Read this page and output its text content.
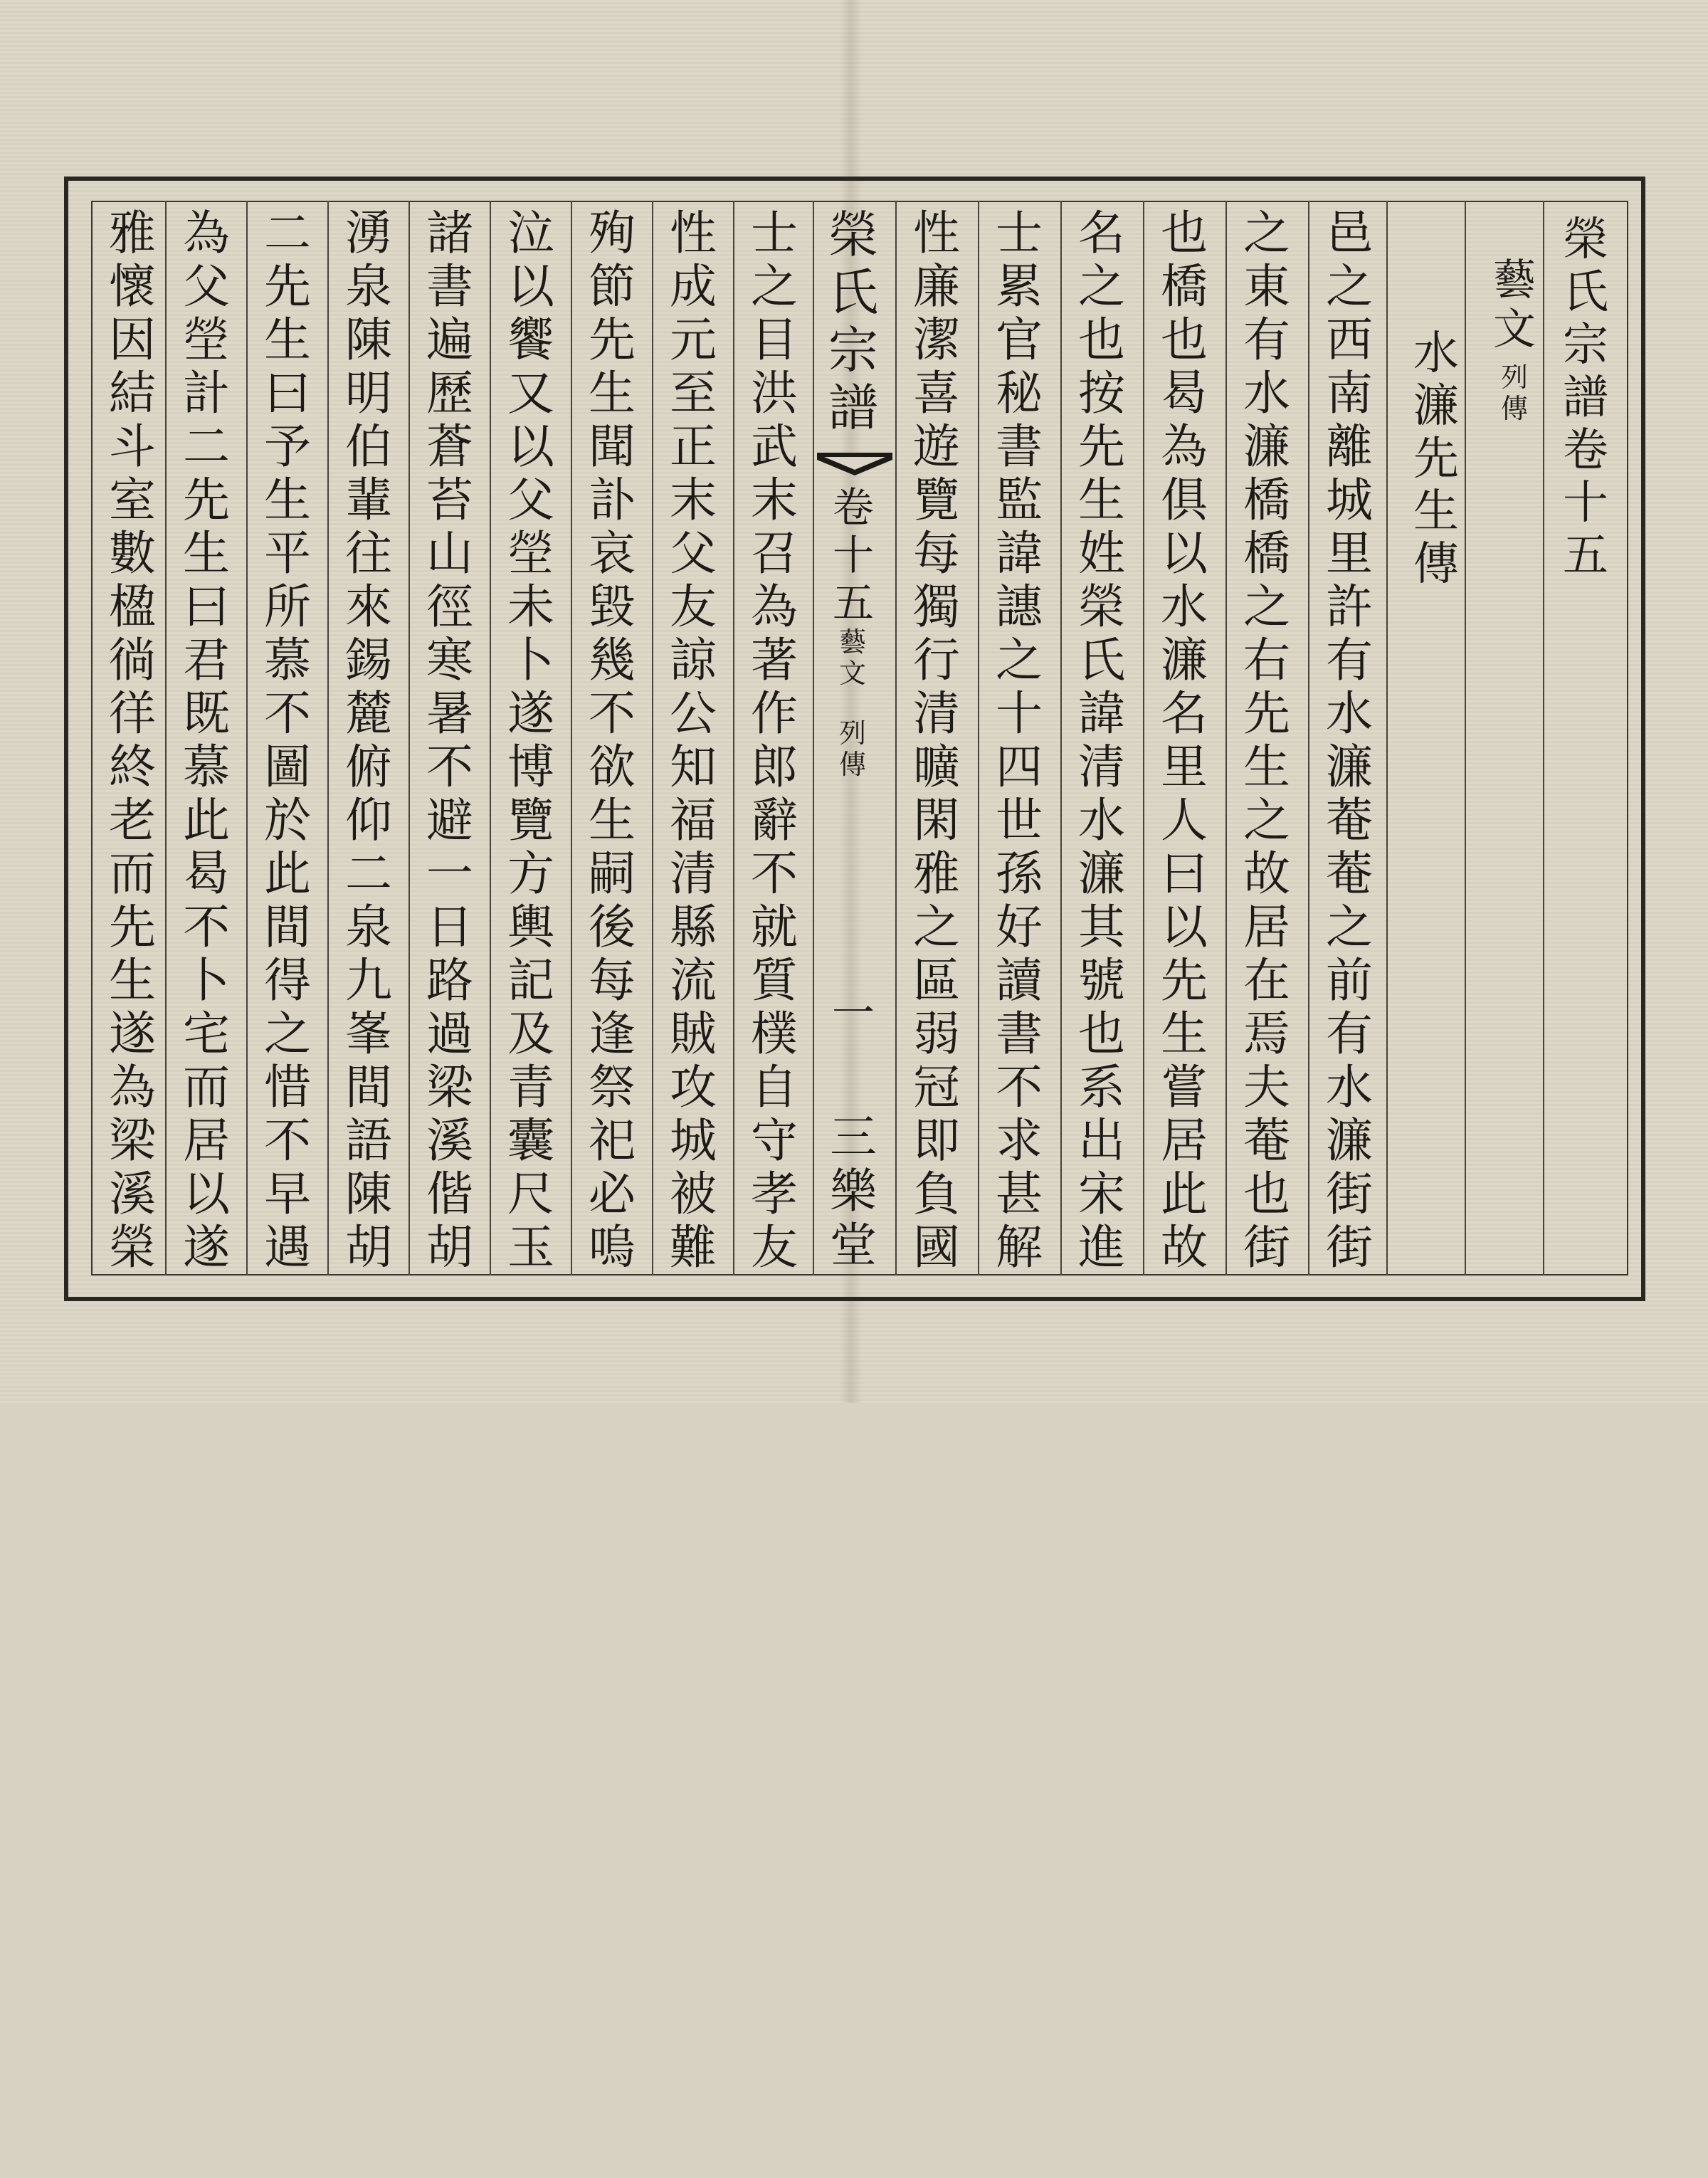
榮
氏
宗
譜
卷
十
五
藝
文
列
傳
水
濂
先
生
傳
榮
氏
宗
譜
卷
十
五
藝
文
列
傳
一
三
樂
堂
邑
之
西
南
離
城
里
許
有
水
濂
菴
菴
之
前
有
水
濂
街
街
之
東
有
水
濂
橋
橋
之
右
先
生
之
故
居
在
焉
夫
菴
也
街
也
橋
也
曷
為
俱
以
水
濂
名
里
人
曰
以
先
生
嘗
居
此
故
名
之
也
按
先
生
姓
榮
氏
諱
清
水
濂
其
號
也
系
出
宋
進
士
累
官
秘
書
監
諱
譓
之
十
四
世
孫
好
讀
書
不
求
甚
解
性
廉
潔
喜
遊
覽
每
獨
行
清
曠
閑
雅
之
區
弱
冠
即
負
國
士
之
目
洪
武
末
召
為
著
作
郎
辭
不
就
質
樸
自
守
孝
友
性
成
元
至
正
末
父
友
諒
公
知
福
清
縣
流
賊
攻
城
被
難
殉
節
先
生
聞
訃
哀
毀
幾
不
欲
生
嗣
後
每
逢
祭
祀
必
嗚
泣
以
饗
又
以
父
塋
未
卜
遂
博
覽
方
輿
記
及
青
囊
尺
玉
諸
書
遍
歷
蒼
苔
山
徑
寒
暑
不
避
一
日
路
過
梁
溪
偕
胡
湧
泉
陳
明
伯
輩
往
來
錫
麓
俯
仰
二
泉
九
峯
間
語
陳
胡
二
先
生
曰
予
生
平
所
慕
不
圖
於
此
間
得
之
惜
不
早
遇
為
父
塋
計
二
先
生
曰
君
既
慕
此
曷
不
卜
宅
而
居
以
遂
雅
懷
因
結
斗
室
數
楹
徜
徉
終
老
而
先
生
遂
為
梁
溪
榮
